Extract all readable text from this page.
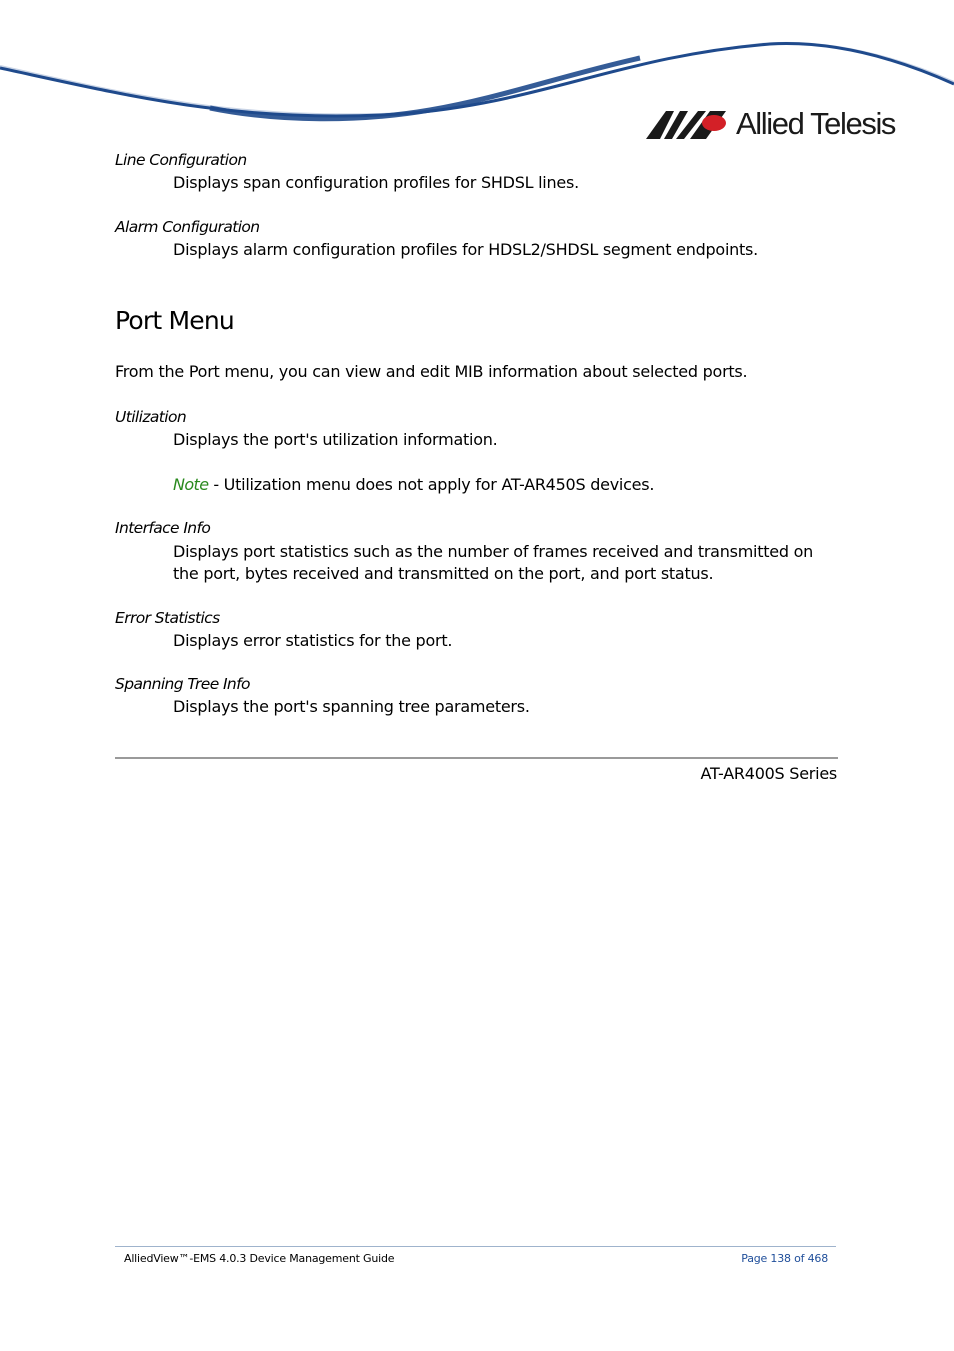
Allied Telesis
Line Configuration
Displays span configuration profiles for SHDSL lines.
Alarm Configuration
Displays alarm configuration profiles for HDSL2/SHDSL segment endpoints.
Port Menu
From the Port menu, you can view and edit MIB information about selected ports.
Utilization
Displays the port's utilization information.
Note - Utilization menu does not apply for AT-AR450S devices.
Interface Info
Displays port statistics such as the number of frames received and transmitted on
the port, bytes received and transmitted on the port, and port status.
Error Statistics
Displays error statistics for the port.
Spanning Tree Info
Displays the port's spanning tree parameters.
AT-AR400S Series
AlliedView™-EMS 4.0.3 Device Management Guide	Page 138 of 468
